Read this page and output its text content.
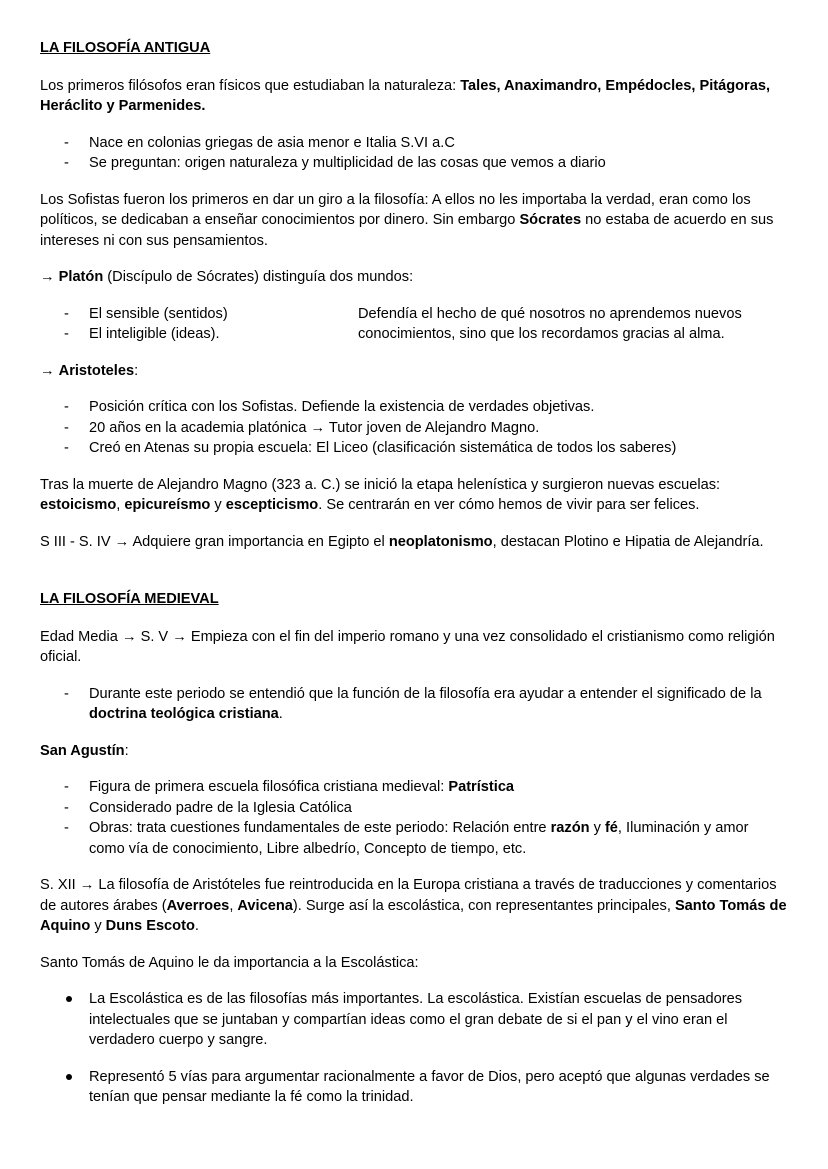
LA FILOSOFÍA ANTIGUA

Los primeros filósofos eran físicos que estudiaban la naturaleza: Tales, Anaximandro, Empédocles, Pitágoras, Heráclito y Parmenides.

- Nace en colonias griegas de asia menor e Italia S.VI a.C
- Se preguntan: origen naturaleza y multiplicidad de las cosas que vemos a diario

Los Sofistas fueron los primeros en dar un giro a la filosofía: A ellos no les importaba la verdad, eran como los políticos, se dedicaban a enseñar conocimientos por dinero. Sin embargo Sócrates no estaba de acuerdo en sus intereses ni con sus pensamientos.

→ Platón (Discípulo de Sócrates) distinguía dos mundos:

- El sensible (sentidos)
- El inteligible (ideas).

Defendía el hecho de qué nosotros no aprendemos nuevos conocimientos, sino que los recordamos gracias al alma.

→ Aristoteles:

- Posición crítica con los Sofistas. Defiende la existencia de verdades objetivas.
- 20 años en la academia platónica → Tutor joven de Alejandro Magno.
- Creó en Atenas su propia escuela: El Liceo (clasificación sistemática de todos los saberes)

Tras la muerte de Alejandro Magno (323 a. C.) se inició la etapa helenística y surgieron nuevas escuelas: estoicismo, epicureísmo y escepticismo. Se centrarán en ver cómo hemos de vivir para ser felices.

S III - S. IV → Adquiere gran importancia en Egipto el neoplatonismo, destacan Plotino e Hipatia de Alejandría.

LA FILOSOFÍA MEDIEVAL

Edad Media → S. V → Empieza con el fin del imperio romano y una vez consolidado el cristianismo como religión oficial.

- Durante este periodo se entendió que la función de la filosofía era ayudar a entender el significado de la doctrina teológica cristiana.

San Agustín:

- Figura de primera escuela filosófica cristiana medieval: Patrística
- Considerado padre de la Iglesia Católica
- Obras: trata cuestiones fundamentales de este periodo: Relación entre razón y fé, Iluminación y amor como vía de conocimiento, Libre albedrío, Concepto de tiempo, etc.

S. XII → La filosofía de Aristóteles fue reintroducida en la Europa cristiana a través de traducciones y comentarios de autores árabes (Averroes, Avicena). Surge así la escolástica, con representantes principales, Santo Tomás de Aquino y Duns Escoto.

Santo Tomás de Aquino le da importancia a la Escolástica:

La Escolástica es de las filosofías más importantes. La escolástica. Existían escuelas de pensadores intelectuales que se juntaban y compartían ideas como el gran debate de si el pan y el vino eran el verdadero cuerpo y sangre.
Representó 5 vías para argumentar racionalmente a favor de Dios, pero aceptó que algunas verdades se tenían que pensar mediante la fé como la trinidad.
